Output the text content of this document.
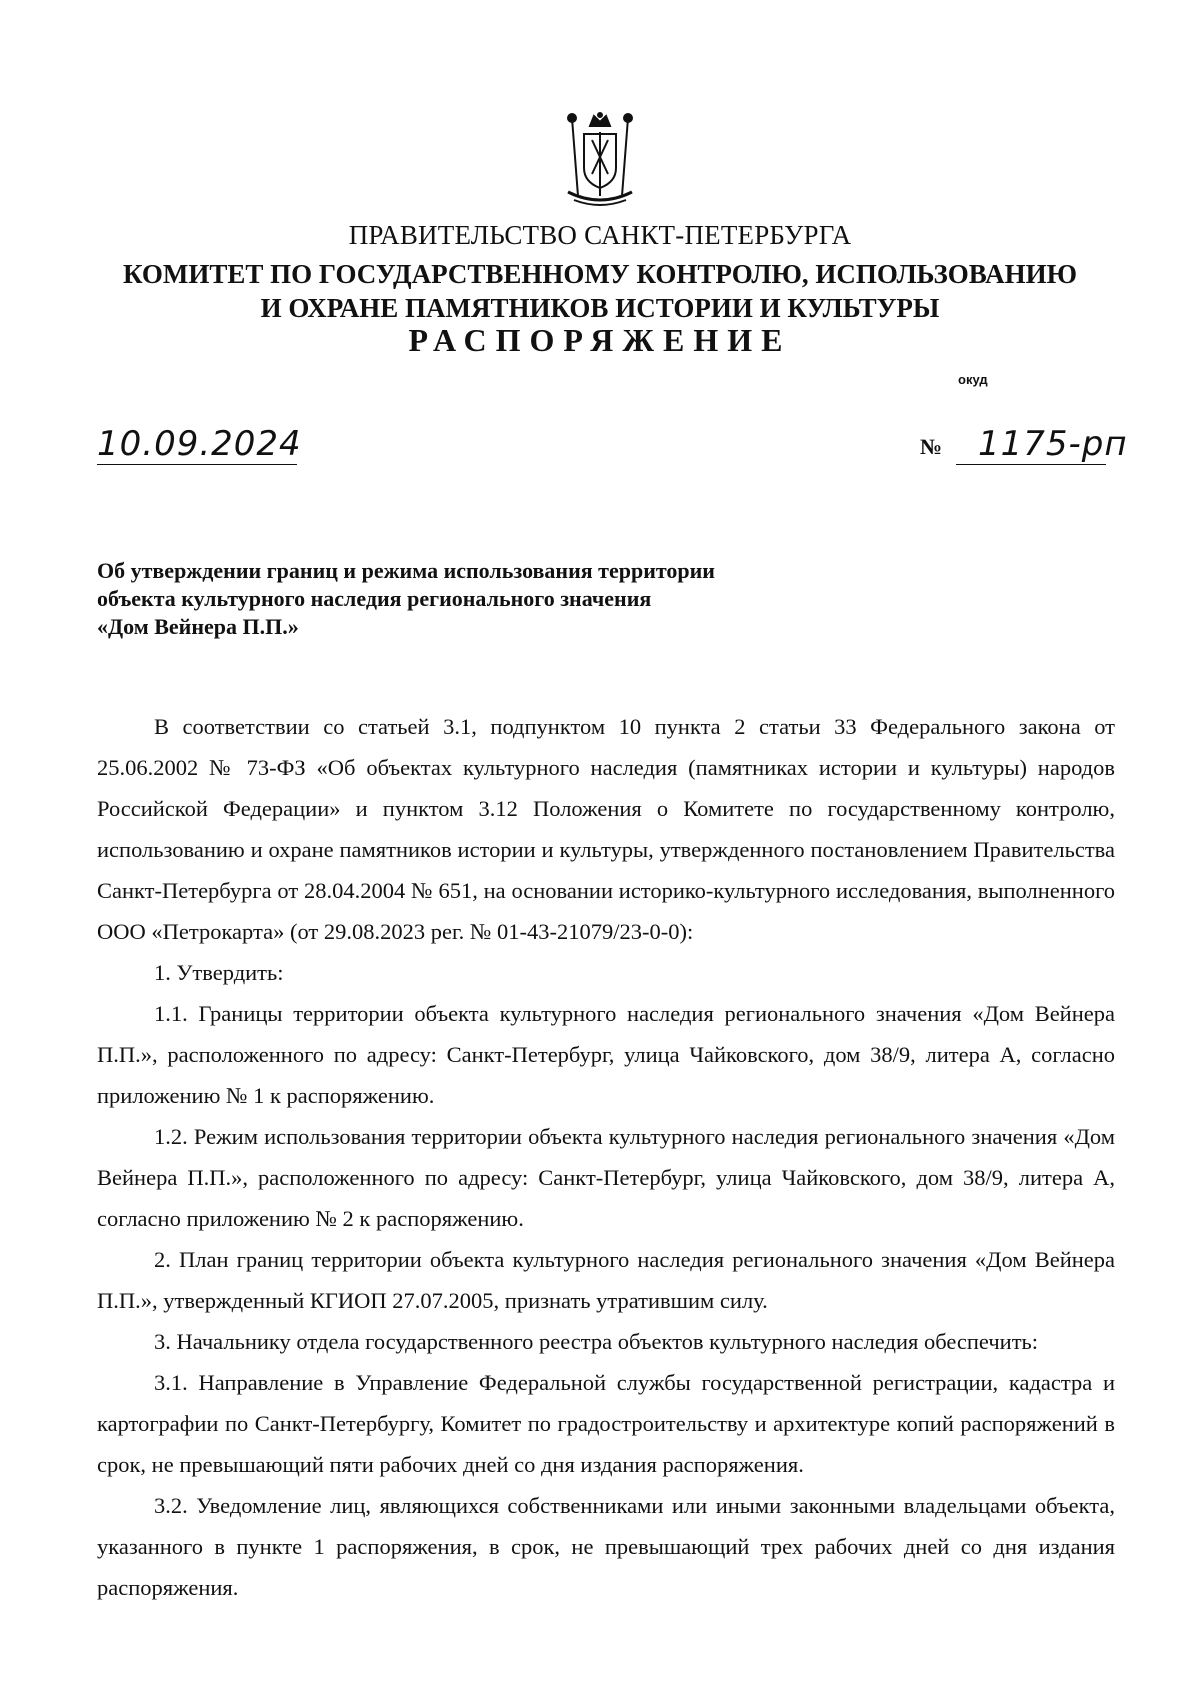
ПРАВИТЕЛЬСТВО САНКТ-ПЕТЕРБУРГА
КОМИТЕТ ПО ГОСУДАРСТВЕННОМУ КОНТРОЛЮ, ИСПОЛЬЗОВАНИЮ
И ОХРАНЕ ПАМЯТНИКОВ ИСТОРИИ И КУЛЬТУРЫ
РАСПОРЯЖЕНИЕ
окуд
10.09.2024	№ 1175-рп
Об утверждении границ и режима использования территории
объекта культурного наследия регионального значения
«Дом Вейнера П.П.»

В соответствии со статьей 3.1, подпунктом 10 пункта 2 статьи 33 Федерального закона от 25.06.2002 № 73-ФЗ «Об объектах культурного наследия (памятниках истории и культуры) народов Российской Федерации» и пунктом 3.12 Положения о Комитете по государственному контролю, использованию и охране памятников истории и культуры, утвержденного постановлением Правительства Санкт-Петербурга от 28.04.2004 № 651, на основании историко-культурного исследования, выполненного ООО «Петрокарта» (от 29.08.2023 рег. № 01-43-21079/23-0-0):

1. Утвердить:

1.1. Границы территории объекта культурного наследия регионального значения «Дом Вейнера П.П.», расположенного по адресу: Санкт-Петербург, улица Чайковского, дом 38/9, литера А, согласно приложению № 1 к распоряжению.

1.2. Режим использования территории объекта культурного наследия регионального значения «Дом Вейнера П.П.», расположенного по адресу: Санкт-Петербург, улица Чайковского, дом 38/9, литера А, согласно приложению № 2 к распоряжению.

2. План границ территории объекта культурного наследия регионального значения «Дом Вейнера П.П.», утвержденный КГИОП 27.07.2005, признать утратившим силу.

3. Начальнику отдела государственного реестра объектов культурного наследия обеспечить:

3.1. Направление в Управление Федеральной службы государственной регистрации, кадастра и картографии по Санкт-Петербургу, Комитет по градостроительству и архитектуре копий распоряжений в срок, не превышающий пяти рабочих дней со дня издания распоряжения.

3.2. Уведомление лиц, являющихся собственниками или иными законными владельцами объекта, указанного в пункте 1 распоряжения, в срок, не превышающий трех рабочих дней со дня издания распоряжения.
